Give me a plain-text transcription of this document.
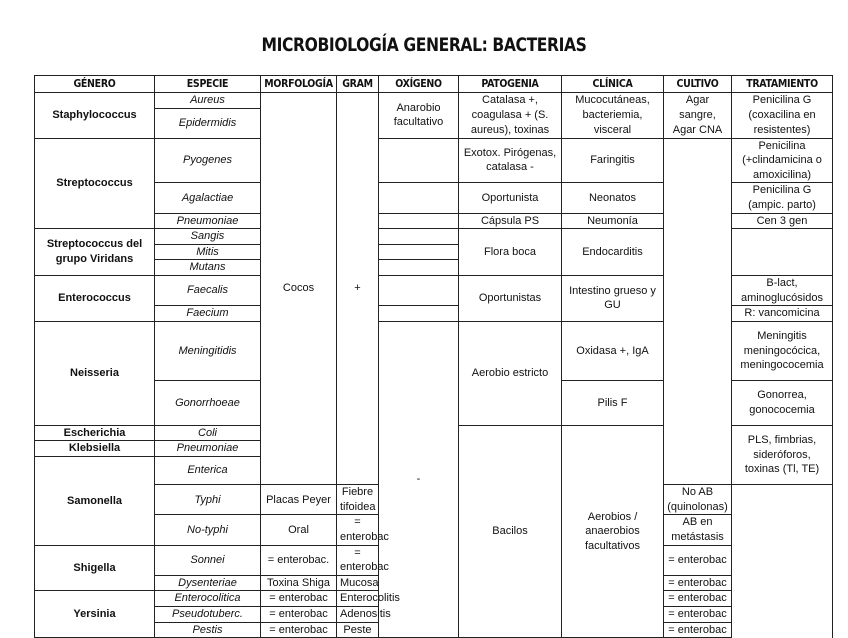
MICROBIOLOGÍA GENERAL: BACTERIAS
GÉNERO	ESPECIE	MORFOLOGÍA	GRAM	OXÍGENO	PATOGENIA	CLÍNICA	CULTIVO	TRATAMIENTO	
Staphylococcus	Aureus	Cocos	+	Anarobio facultativo	Catalasa +, coagulasa + (S. aureus), toxinas	Mucocutáneas, bacteriemia, visceral	Agar sangre, Agar CNA	Penicilina G (coxacilina en resistentes)	
	Epidermidis								
Streptococcus	Pyogenes				Exotox. Pirógenas, catalasa -	Faringitis		Penicilina (+clindamicina o amoxicilina)	
	Agalactiae				Oportunista	Neonatos		Penicilina G (ampic. parto)	
	Pneumoniae				Cápsula PS	Neumonía		Cen 3 gen	
Streptococcus del grupo Viridans	Sangis				Flora boca	Endocarditis			
	Mitis								
	Mutans								
Enterococcus	Faecalis				Oportunistas	Intestino grueso y GU		B-lact, aminoglucósidos	
	Faecium							R: vancomicina	
Neisseria	Meningitidis			-	Aerobio estricto	Oxidasa +, IgA		Meningitis meningocócica, meningococemia	
	Gonorrhoeae					Pilis F		Gonorrea, gonococemia		
Escherichia	Coli				Bacilos	Aerobios / anaerobios facultativos		PLS, fimbrias, sideróforos, toxinas (Tl, TE)			
Klebsiella	Pneumoniae								
Samonella	Enterica								
	Typhi	Placas Peyer	Fiebre tifoidea				No AB (quinolonas)		
	No-typhi	Oral	= enterobac				AB en metástasis		
Shigella	Sonnei	= enterobac.	= enterobac				= enterobac		
	Dysenteriae	Toxina Shiga	Mucosa				= enterobac		
Yersinia	Enterocolitica	= enterobac	Enterocolitis				= enterobac		
	Pseudotuberc.	= enterobac	Adenositis				= enterobac		
	Pestis	= enterobac	Peste				= enterobac		
